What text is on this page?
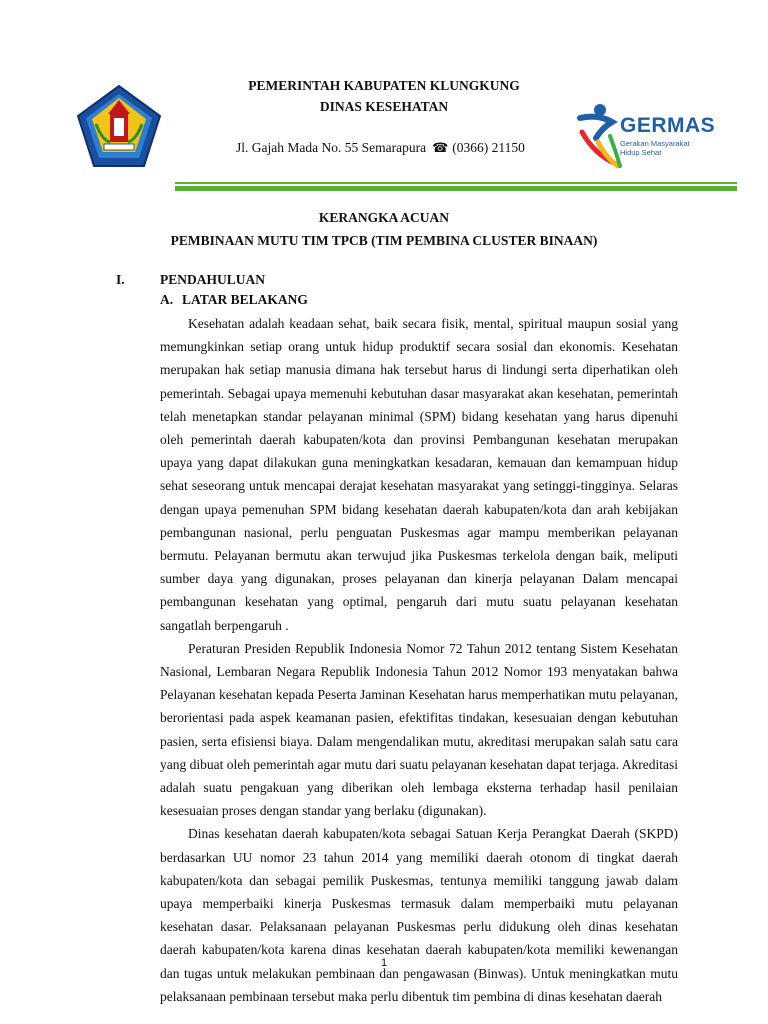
PEMERINTAH KABUPATEN KLUNGKUNG
DINAS KESEHATAN
Jl. Gajah Mada No. 55 Semarapura ☎ (0366) 21150
GERMAS
Gerakan Masyarakat Hidup Sehat
KERANGKA ACUAN
PEMBINAAN MUTU TIM TPCB (TIM PEMBINA CLUSTER BINAAN)
I.	PENDAHULUAN
A. LATAR BELAKANG

Kesehatan adalah keadaan sehat, baik secara fisik, mental, spiritual maupun sosial yang memungkinkan setiap orang untuk hidup produktif secara sosial dan ekonomis. Kesehatan merupakan hak setiap manusia dimana hak tersebut harus di lindungi serta diperhatikan oleh pemerintah. Sebagai upaya memenuhi kebutuhan dasar masyarakat akan kesehatan, pemerintah telah menetapkan standar pelayanan minimal (SPM) bidang kesehatan yang harus dipenuhi oleh pemerintah daerah kabupaten/kota dan provinsi Pembangunan kesehatan merupakan upaya yang dapat dilakukan guna meningkatkan kesadaran, kemauan dan kemampuan hidup sehat seseorang untuk mencapai derajat kesehatan masyarakat yang setinggi-tingginya. Selaras dengan upaya pemenuhan SPM bidang kesehatan daerah kabupaten/kota dan arah kebijakan pembangunan nasional, perlu penguatan Puskesmas agar mampu memberikan pelayanan bermutu. Pelayanan bermutu akan terwujud jika Puskesmas terkelola dengan baik, meliputi sumber daya yang digunakan, proses pelayanan dan kinerja pelayanan Dalam mencapai pembangunan kesehatan yang optimal, pengaruh dari mutu suatu pelayanan kesehatan sangatlah berpengaruh .

Peraturan Presiden Republik Indonesia Nomor 72 Tahun 2012 tentang Sistem Kesehatan Nasional, Lembaran Negara Republik Indonesia Tahun 2012 Nomor 193 menyatakan bahwa Pelayanan kesehatan kepada Peserta Jaminan Kesehatan harus memperhatikan mutu pelayanan, berorientasi pada aspek keamanan pasien, efektifitas tindakan, kesesuaian dengan kebutuhan pasien, serta efisiensi biaya. Dalam mengendalikan mutu, akreditasi merupakan salah satu cara yang dibuat oleh pemerintah agar mutu dari suatu pelayanan kesehatan dapat terjaga. Akreditasi adalah suatu pengakuan yang diberikan oleh lembaga eksterna terhadap hasil penilaian kesesuaian proses dengan standar yang berlaku (digunakan).

Dinas kesehatan daerah kabupaten/kota sebagai Satuan Kerja Perangkat Daerah (SKPD) berdasarkan UU nomor 23 tahun 2014 yang memiliki daerah otonom di tingkat daerah kabupaten/kota dan sebagai pemilik Puskesmas, tentunya memiliki tanggung jawab dalam upaya memperbaiki kinerja Puskesmas termasuk dalam memperbaiki mutu pelayanan kesehatan dasar. Pelaksanaan pelayanan Puskesmas perlu didukung oleh dinas kesehatan daerah kabupaten/kota karena dinas kesehatan daerah kabupaten/kota memiliki kewenangan dan tugas untuk melakukan pembinaan dan pengawasan (Binwas). Untuk meningkatkan mutu pelaksanaan pembinaan tersebut maka perlu dibentuk tim pembina di dinas kesehatan daerah

1
